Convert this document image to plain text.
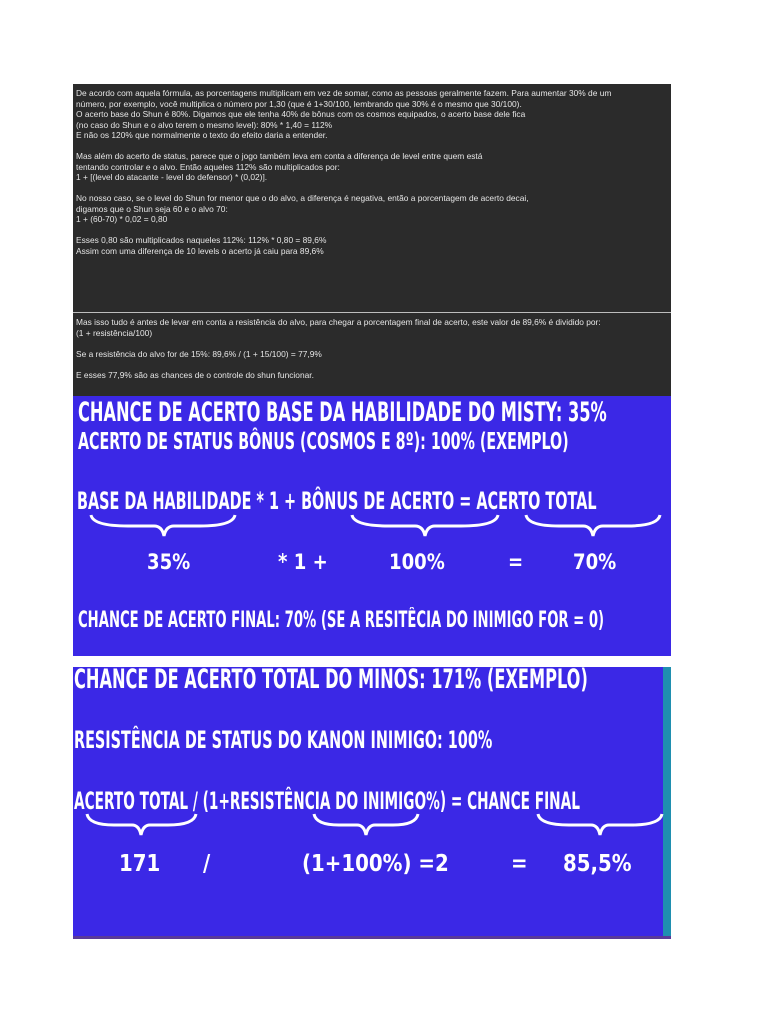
De acordo com aquela fórmula, as porcentagens multiplicam em vez de somar, como as pessoas geralmente fazem. Para aumentar 30% de um
número, por exemplo, você multiplica o número por 1,30 (que é 1+30/100, lembrando que 30% é o mesmo que 30/100).
O acerto base do Shun é 80%. Digamos que ele tenha 40% de bônus com os cosmos equipados, o acerto base dele fica
(no caso do Shun e o alvo terem o mesmo level): 80% * 1,40 = 112%
E não os 120% que normalmente o texto do efeito daria a entender.
Mas além do acerto de status, parece que o jogo também leva em conta a diferença de level entre quem está
tentando controlar e o alvo. Então aqueles 112% são multiplicados por:
1 + [(level do atacante - level do defensor) * (0,02)].
No nosso caso, se o level do Shun for menor que o do alvo, a diferença é negativa, então a porcentagem de acerto decai,
digamos que o Shun seja 60 e o alvo 70:
1 + (60-70) * 0,02 = 0,80
Esses 0,80 são multiplicados naqueles 112%: 112% * 0,80 = 89,6%
Assim com uma diferença de 10 levels o acerto já caiu para 89,6%
Mas isso tudo é antes de levar em conta a resistência do alvo, para chegar a porcentagem final de acerto, este valor de 89,6% é dividido por:
(1 + resistência/100)
Se a resistência do alvo for de 15%: 89,6% / (1 + 15/100) = 77,9%
E esses 77,9% são as chances de o controle do shun funcionar.
CHANCE DE ACERTO BASE DA HABILIDADE DO MISTY: 35%
ACERTO DE STATUS BÔNUS (COSMOS E 8º): 100% (EXEMPLO)
BASE DA HABILIDADE * 1 + BÔNUS DE ACERTO = ACERTO TOTAL
35%	* 1 +	100%	= 70%
CHANCE DE ACERTO FINAL: 70% (SE A RESITÊCIA DO INIMIGO FOR = 0)
CHANCE DE ACERTO TOTAL DO MINOS: 171% (EXEMPLO)
RESISTÊNCIA DE STATUS DO KANON INIMIGO: 100%
ACERTO TOTAL / (1+RESISTÊNCIA DO INIMIGO%) = CHANCE FINAL
171 /	(1+100%) =2	= 85,5%
